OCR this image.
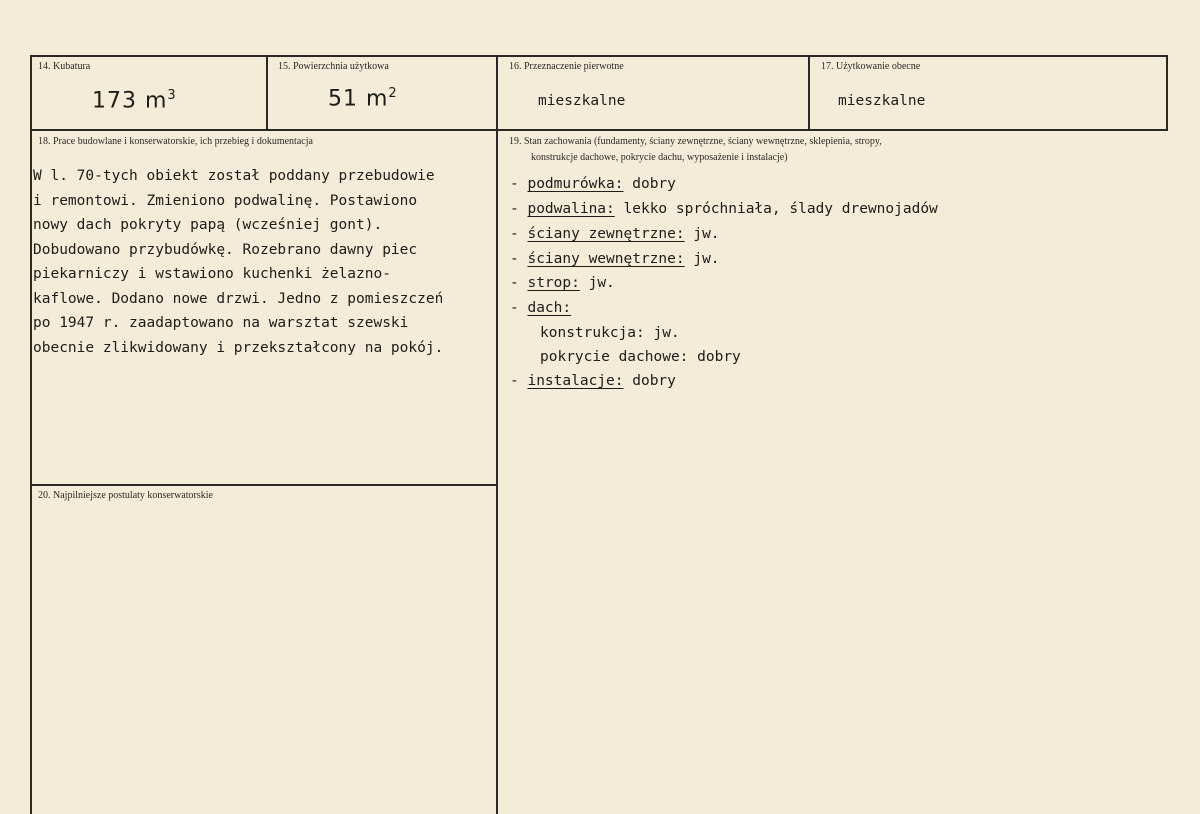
14. Kubatura
173 $m^3$
15. Powierzchnia użytkowa
51 $m^2$
16. Przeznaczenie pierwotne
mieszkalne
17. Użytkowanie obecne
mieszkalne
18. Prace budowlane i konserwatorskie, ich przebieg i dokumentacja
W l. 70-tych obiekt został poddany przebudowie
i remontowi. Zmieniono podwalinę. Postawiono
nowy dach pokryty papą (wcześniej gont).
Dobudowano przybudówkę. Rozebrano dawny piec
piekarniczy i wstawiono kuchenki żelazno-
kaflowe. Dodano nowe drzwi. Jedno z pomieszczeń
po 1947 r. zaadaptowano na warsztat szewski
obecnie zlikwidowany i przekształcony na pokój.
19. Stan zachowania (fundamenty, ściany zewnętrzne, ściany wewnętrzne, sklepienia, stropy,
konstrukcje dachowe, pokrycie dachu, wyposażenie i instalacje)
- podmurówka: dobry
- podwalina: lekko spróchniała, ślady drewnojadów
- ściany zewnętrzne: jw.
- ściany wewnętrzne: jw.
- strop: jw.
- dach:
konstrukcja: jw.
pokrycie dachowe: dobry
- instalacje: dobry
20. Najpilniejsze postulaty konserwatorskie
